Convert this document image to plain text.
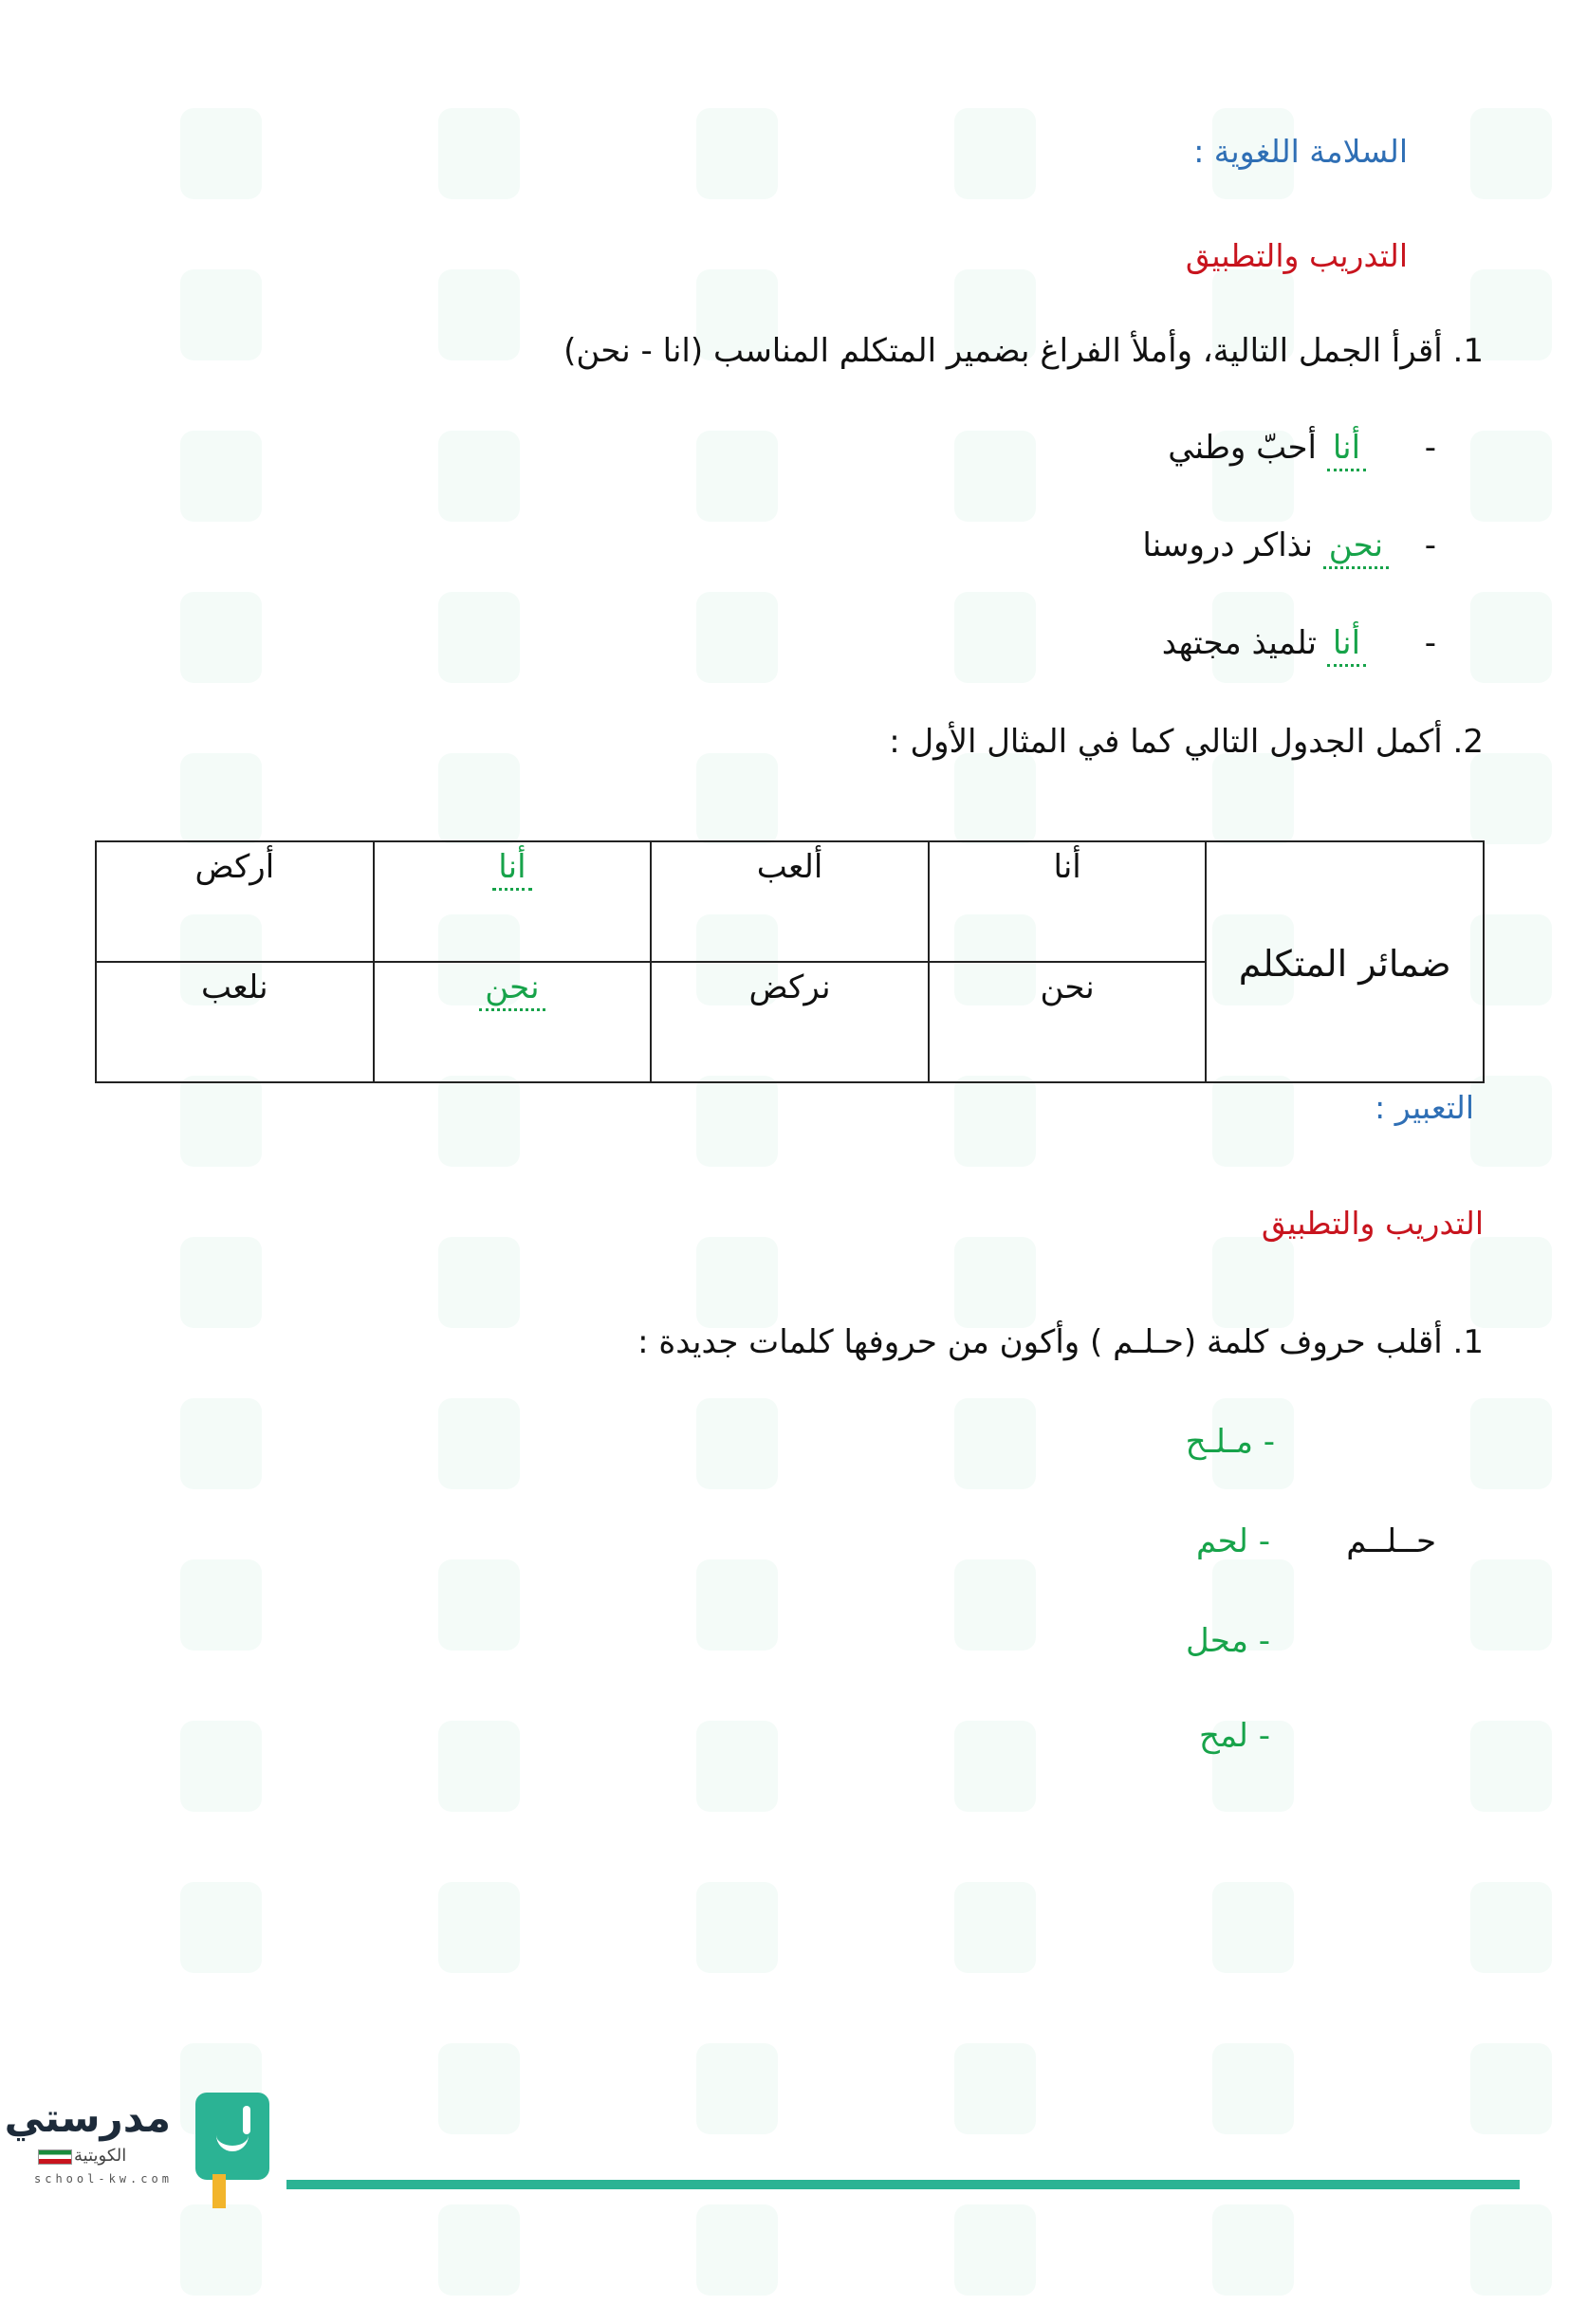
السلامة اللغوية :
التدريب والتطبيق
1. أقرأ الجمل التالية، وأملأ الفراغ بضمير المتكلم المناسب (انا - نحن)
-  أنا أحبّ وطني
-  نحن نذاكر دروسنا
-  أنا تلميذ مجتهد
2. أكمل الجدول التالي كما في المثال الأول :
ضمائر المتكلم	أنا	ألعب	أنا	أركض
	نحن	نركض	نحن	نلعب
التعبير :
التدريب والتطبيق
1. أقلب حروف كلمة (حـلـم ) وأكون من حروفها كلمات جديدة :
- مـلـح
حــلــم
- لحم
- محل
- لمح
مدرستي
الكويتية
school-kw.com
